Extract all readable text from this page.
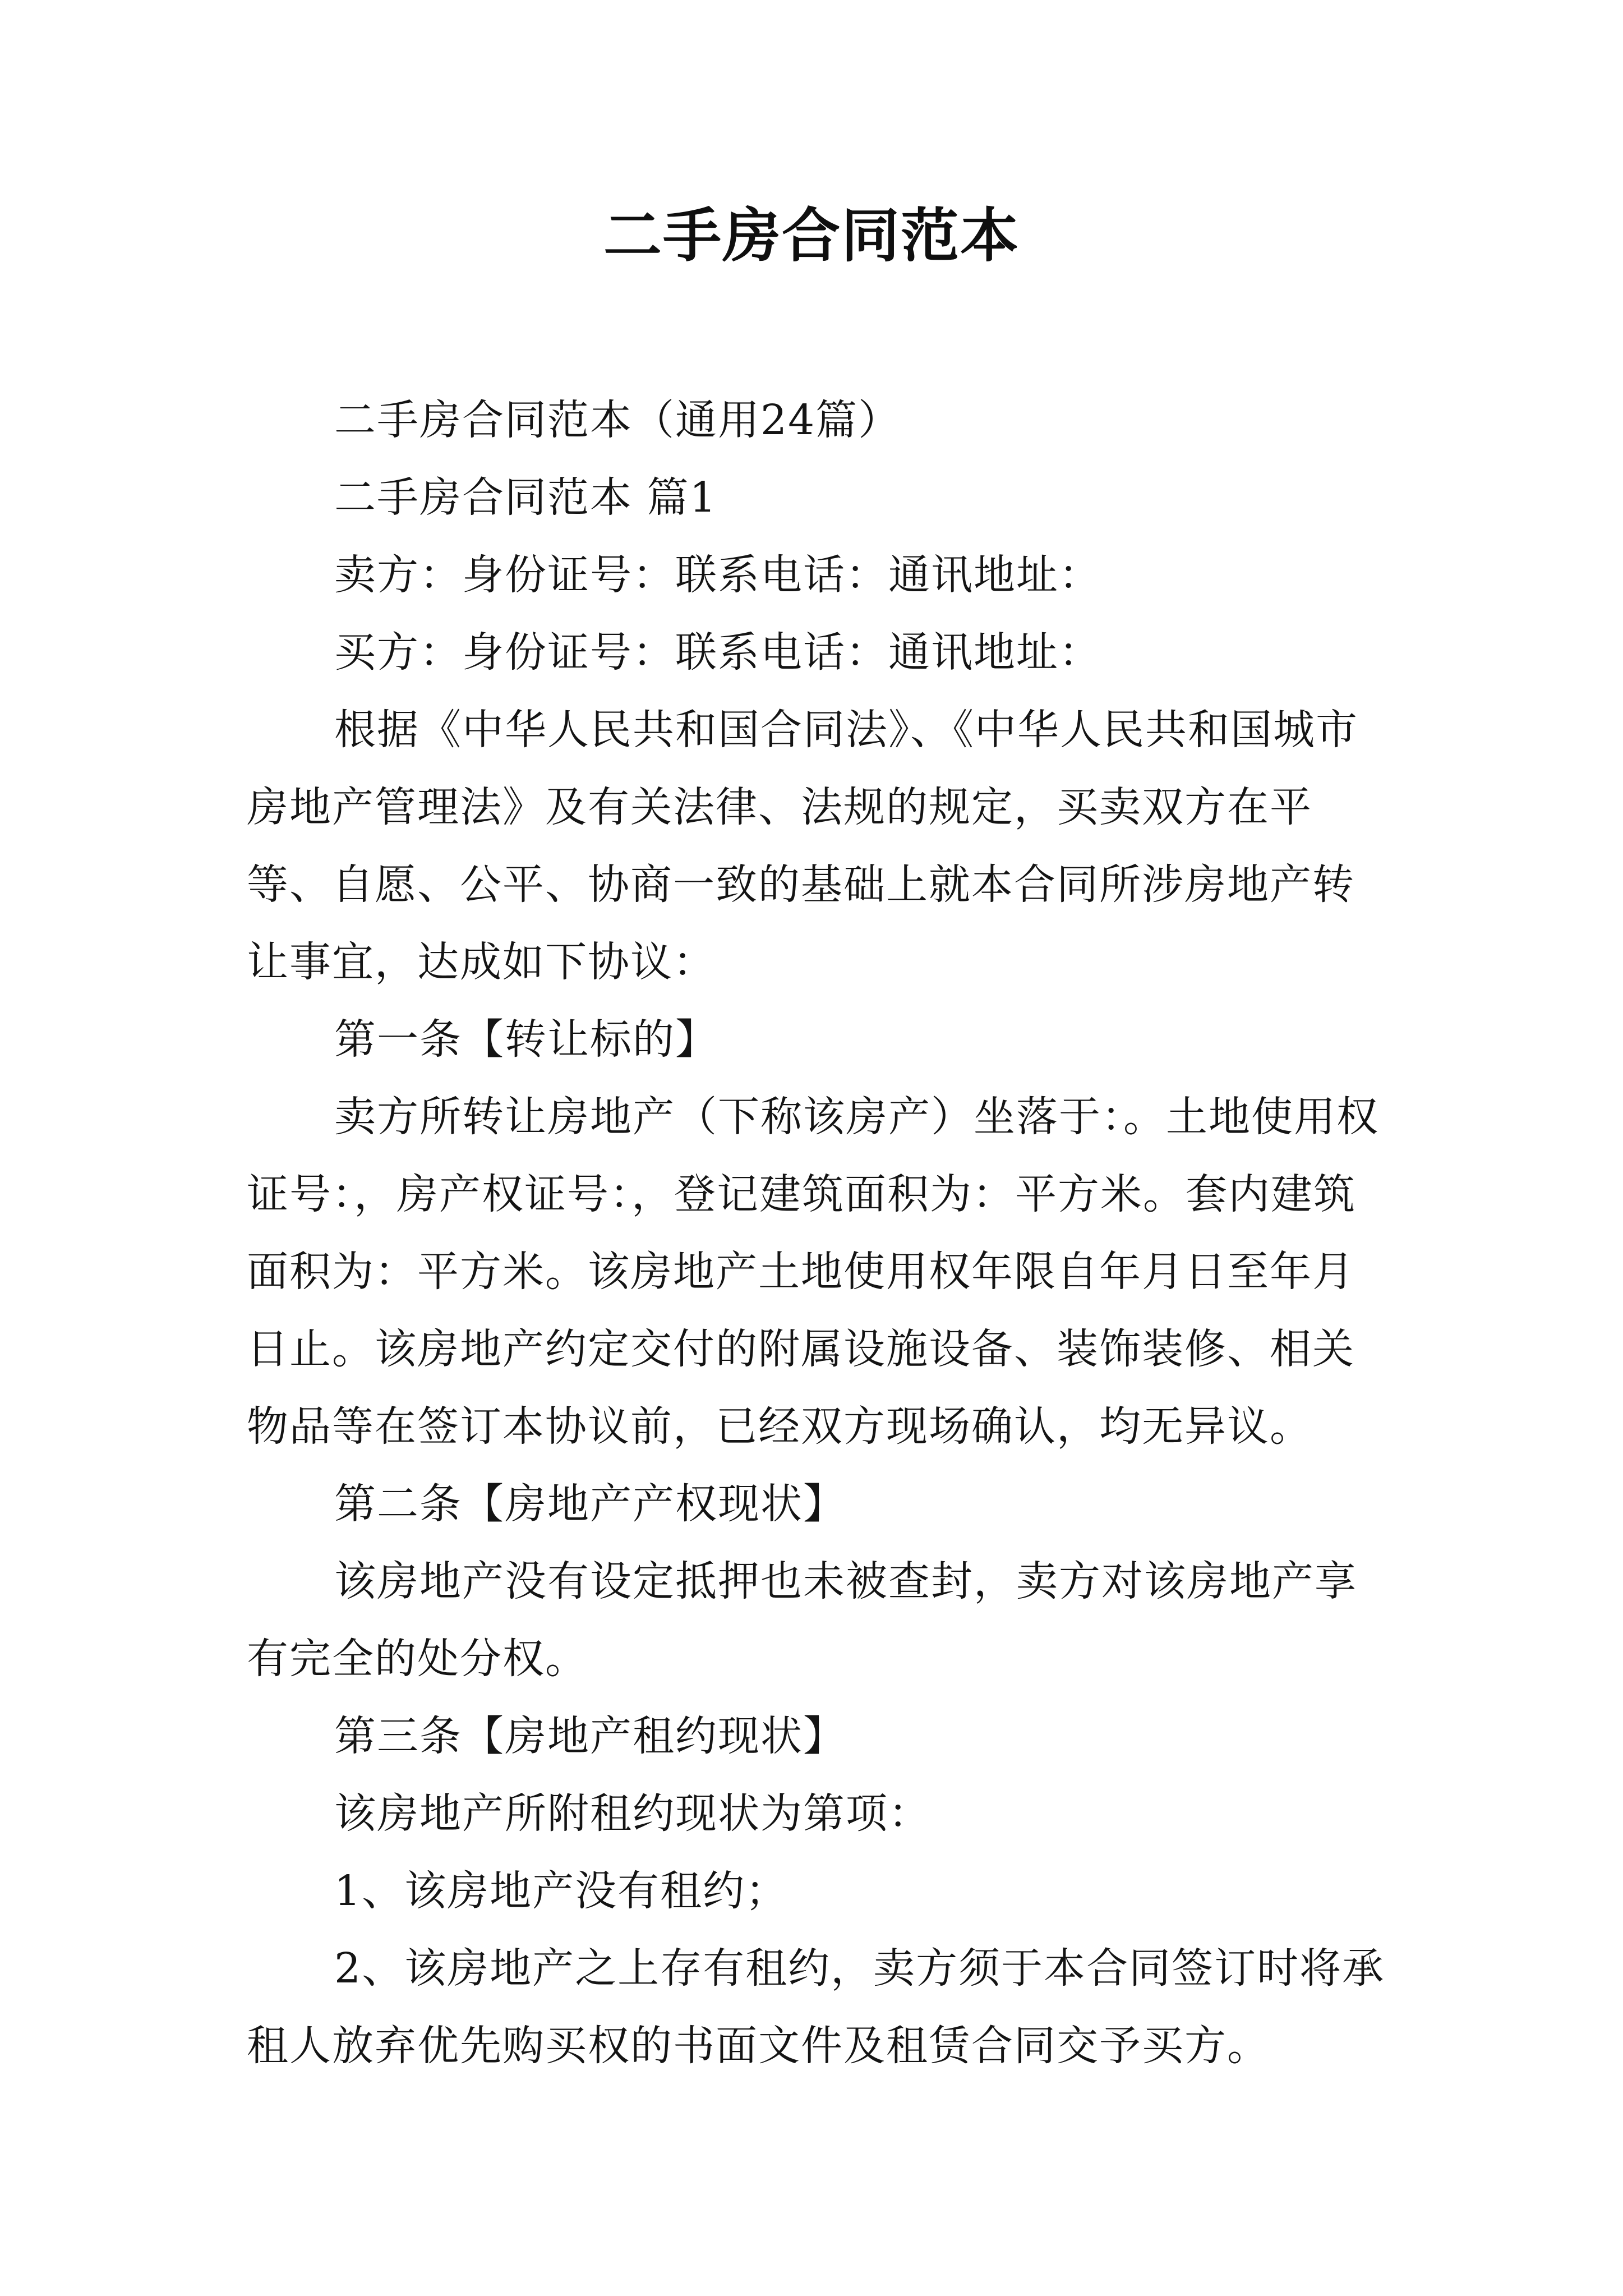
二手房合同范本

二手房合同范本（通用24篇）

二手房合同范本 篇1

卖方：身份证号：联系电话：通讯地址：

买方：身份证号：联系电话：通讯地址：

根据《中华人民共和国合同法》、《中华人民共和国城市房地产管理法》及有关法律、法规的规定，买卖双方在平等、自愿、公平、协商一致的基础上就本合同所涉房地产转让事宜，达成如下协议：

第一条【转让标的】

卖方所转让房地产（下称该房产）坐落于：。土地使用权证号：，房产权证号：，登记建筑面积为：平方米。套内建筑面积为：平方米。该房地产土地使用权年限自年月日至年月日止。该房地产约定交付的附属设施设备、装饰装修、相关物品等在签订本协议前，已经双方现场确认，均无异议。

第二条【房地产产权现状】

该房地产没有设定抵押也未被查封，卖方对该房地产享有完全的处分权。

第三条【房地产租约现状】

该房地产所附租约现状为第项：

1、该房地产没有租约；

2、该房地产之上存有租约，卖方须于本合同签订时将承租人放弃优先购买权的书面文件及租赁合同交予买方。
